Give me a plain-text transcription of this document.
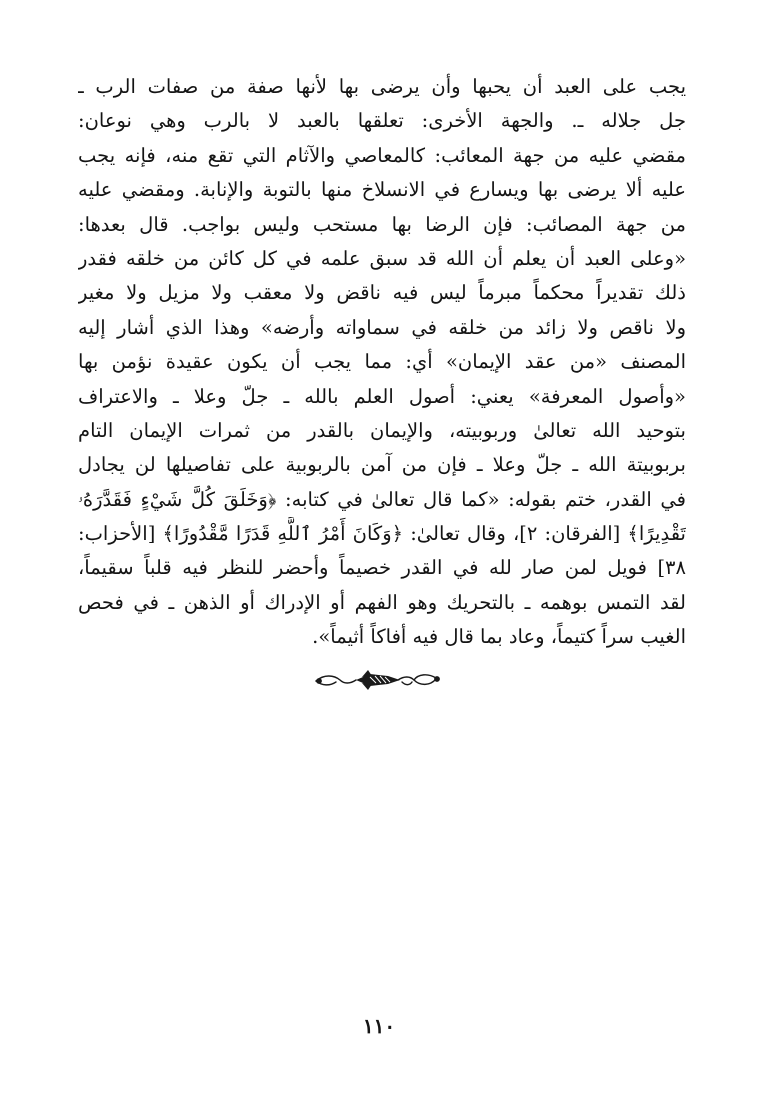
يجب على العبد أن يحبها وأن يرضى بها لأنها صفة من صفات الرب ـ
جل جلاله ـ. والجهة الأخرى: تعلقها بالعبد لا بالرب وهي نوعان:
مقضي عليه من جهة المعائب: كالمعاصي والآثام التي تقع منه، فإنه يجب
عليه ألا يرضى بها ويسارع في الانسلاخ منها بالتوبة والإنابة. ومقضي عليه
من جهة المصائب: فإن الرضا بها مستحب وليس بواجب. قال بعدها:
«وعلى العبد أن يعلم أن الله قد سبق علمه في كل كائن من خلقه فقدر
ذلك تقديراً محكماً مبرماً ليس فيه ناقض ولا معقب ولا مزيل ولا مغير
ولا ناقص ولا زائد من خلقه في سماواته وأرضه» وهذا الذي أشار إليه
المصنف «من عقد الإيمان» أي: مما يجب أن يكون عقيدة نؤمن بها
«وأصول المعرفة» يعني: أصول العلم بالله ـ جلّ وعلا ـ والاعتراف
بتوحيد الله تعالىٰ وربوبيته، والإيمان بالقدر من ثمرات الإيمان التام
بربوبيتة الله ـ جلّ وعلا ـ فإن من آمن بالربوبية على تفاصيلها لن يجادل
في القدر، ختم بقوله: «كما قال تعالىٰ في كتابه: ﴿وَخَلَقَ كُلَّ شَيْءٍ فَقَدَّرَهُۥ
تَقْدِيرًا﴾ [الفرقان: ٢]، وقال تعالىٰ: ﴿وَكَانَ أَمْرُ ٱللَّهِ قَدَرًا مَّقْدُورًا﴾ [الأحزاب:
٣٨] فويل لمن صار لله في القدر خصيماً وأحضر للنظر فيه قلباً سقيماً،
لقد التمس بوهمه ـ بالتحريك وهو الفهم أو الإدراك أو الذهن ـ في فحص
الغيب سراً كتيماً، وعاد بما قال فيه أفاكاً أثيماً».
١١٠
